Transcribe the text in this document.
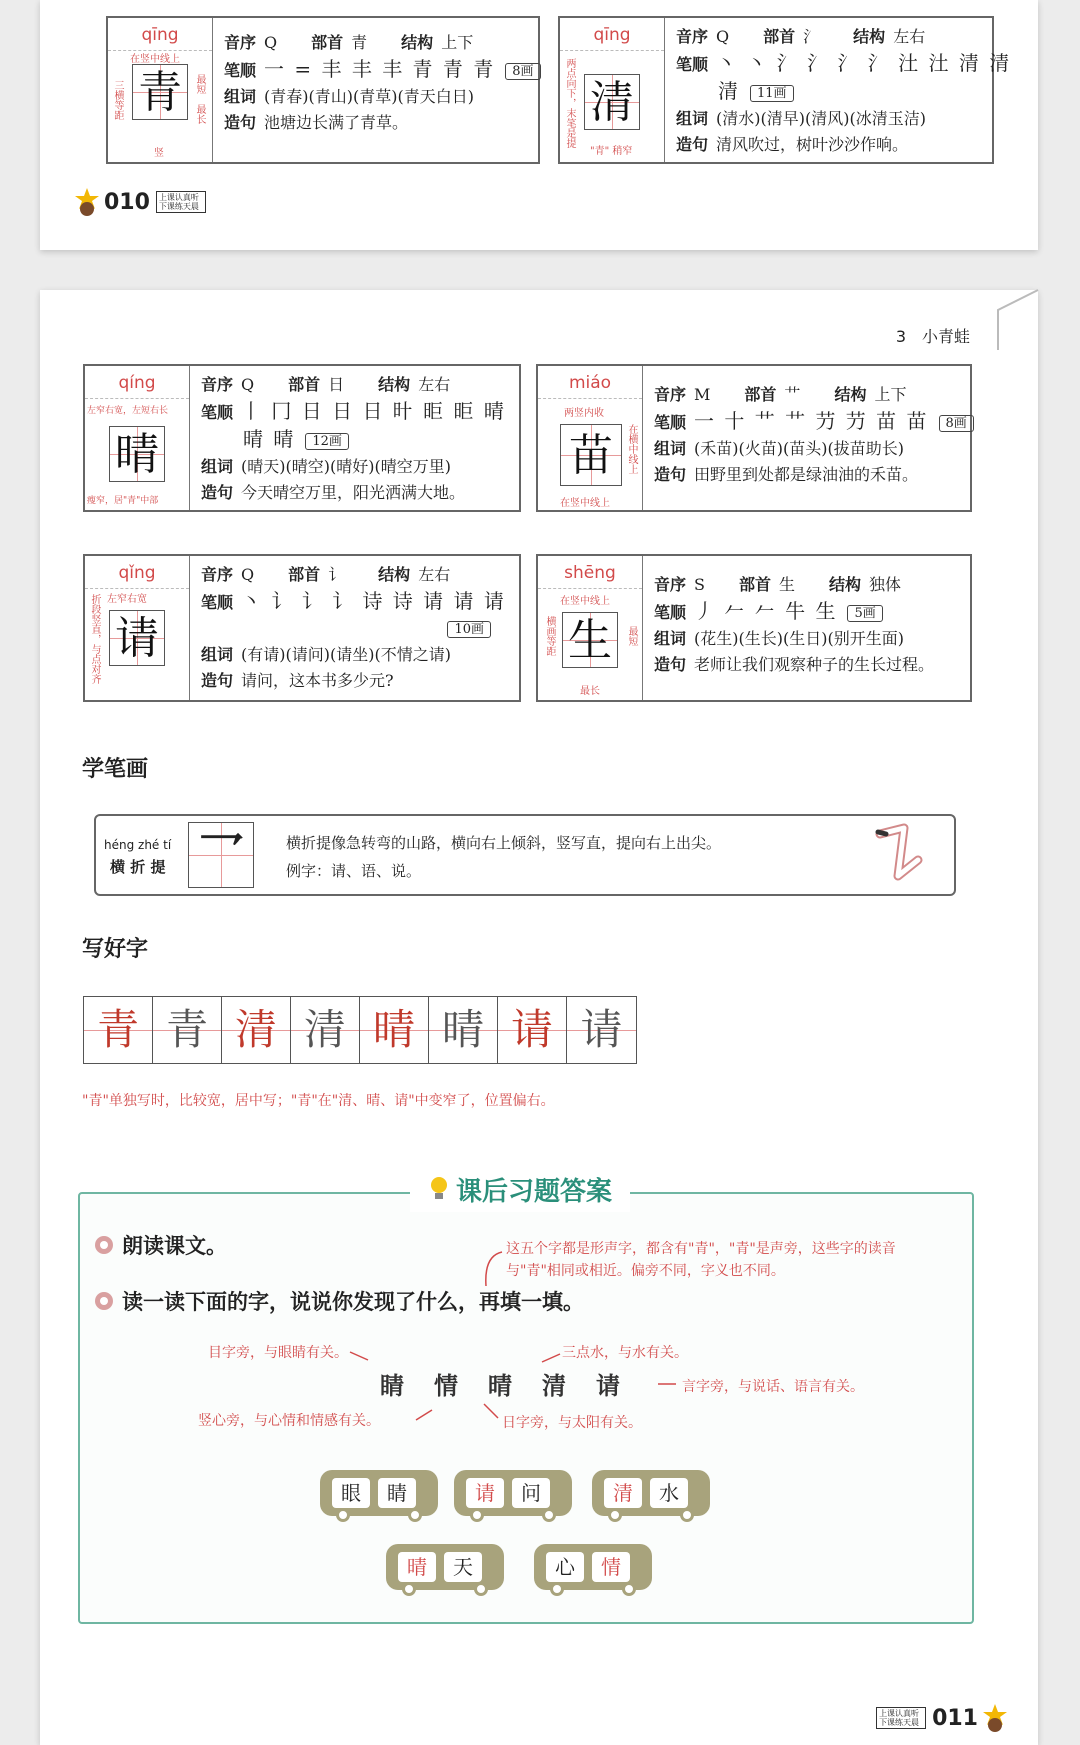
qīng
青
在竖中线上
三横等距	最短
最长
竖
音序 Q 部首 青 结构 上下
笔顺 一 = 丰 丰 丰 青 青 青 8画
组词 (青春)(青山)(青草)(青天白日)
造句 池塘边长满了青草。
qīng
清
两点向下，末笔是提
"青" 稍窄
音序 Q 部首 氵 结构 左右
笔顺 丶 丶 氵 氵 氵 氵 汢 汢 清 清
清 11画
组词 (清水)(清早)(清风)(冰清玉洁)
造句 清风吹过，树叶沙沙作响。
010	上课认真听 下课练天晨
3　小青蛙
qíng
晴
左窄右宽，左短右长
瘦窄，居"青"中部
音序 Q 部首 日 结构 左右
笔顺 丨 冂 日 日 日 旪 昛 昛 晴
晴 晴 12画
组词 (晴天)(晴空)(晴好)(晴空万里)
造句 今天晴空万里，阳光洒满大地。
miáo
苗
两竖内收
在横中线上
在竖中线上
音序 M 部首 艹 结构 上下
笔顺 一 十 艹 艹 芀 芀 苗 苗 8画
组词 (禾苗)(火苗)(苗头)(拔苗助长)
造句 田野里到处都是绿油油的禾苗。
qǐng
请
左窄右宽
折段竖直，与点对齐
音序 Q 部首 讠 结构 左右
笔顺 丶 讠 讠 讠 诗 诗 请 请 请
10画
组词 (有请)(请问)(请坐)(不情之请)
造句 请问，这本书多少元?
shēng
生
在竖中线上
横画等距	最短
最长
音序 S 部首 生 结构 独体
笔顺 丿 𠂉 𠂉 牛 生 5画
组词 (花生)(生长)(生日)(别开生面)
造句 老师让我们观察种子的生长过程。
学笔画
héng zhé tí
横 折 提 乛	横折提像急转弯的山路，横向右上倾斜，竖写直，提向右上出尖。
例字：请、语、说。
写好字
青 青 清 清 晴 晴 请 请
"青"单独写时，比较宽，居中写；"青"在"清、晴、请"中变窄了，位置偏右。
课后习题答案
朗读课文。	这五个字都是形声字，都含有"青"，"青"是声旁，这些字的读音与"青"相同或相近。偏旁不同，字义也不同。
读一读下面的字，说说你发现了什么，再填一填。
目字旁，与眼睛有关。	三点水，与水有关。
竖心旁，与心情和情感有关。	日字旁，与太阳有关。
言字旁，与说话、语言有关。
睛 情 晴 清 请
眼	睛	请	问	清	水
晴	天	心	情
上课认真听 下课练天晨 011
